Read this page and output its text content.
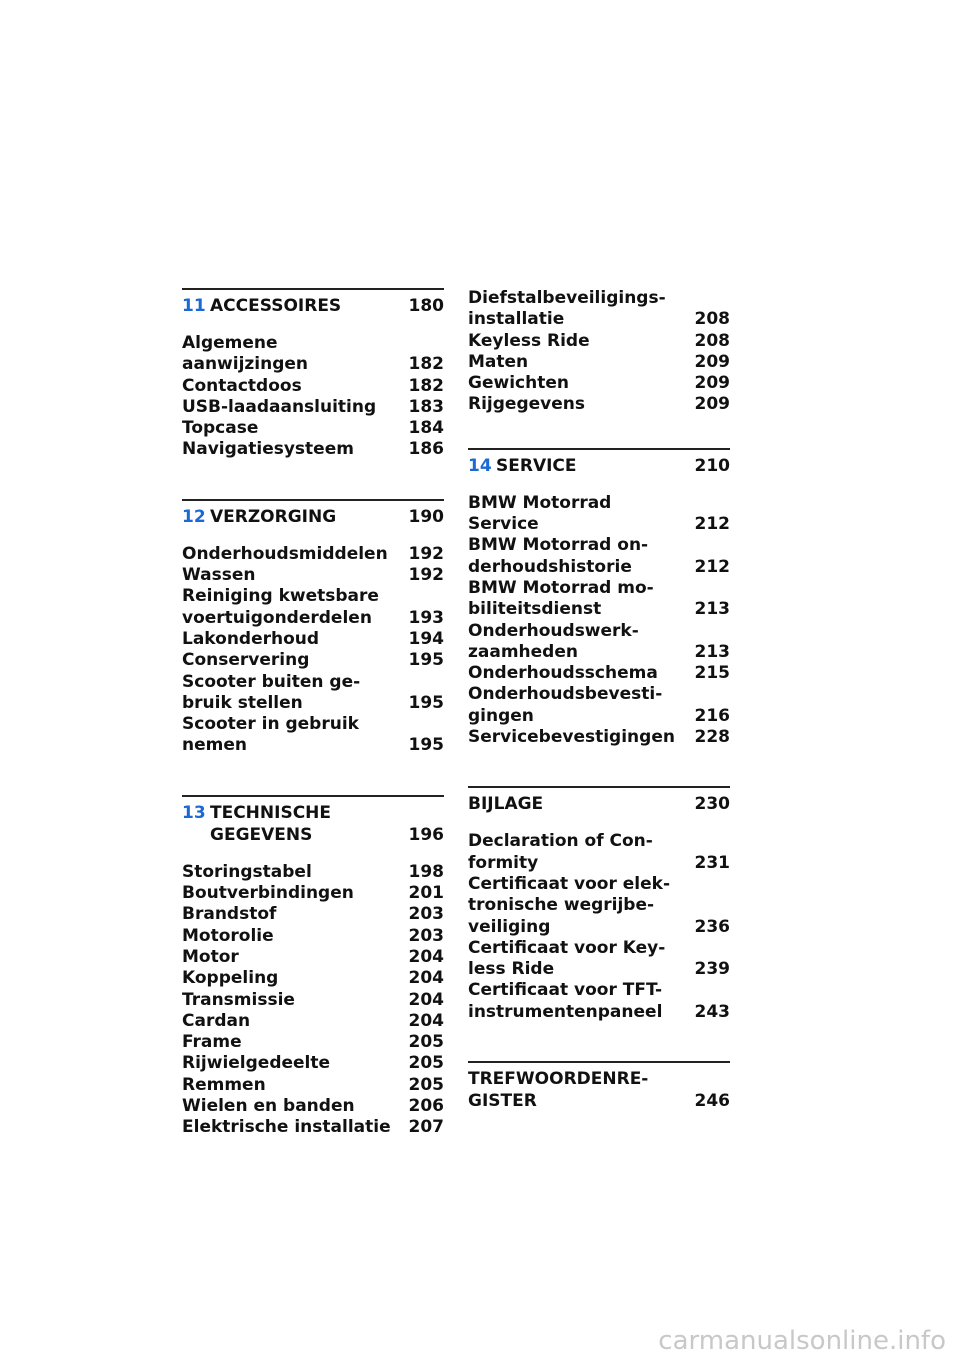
11 ACCESSOIRES	180
Algemene
aanwijzingen	182
Contactdoos	182
USB-laadaansluiting 183
Topcase	184
Navigatiesysteem	186
12 VERZORGING	190
Onderhoudsmiddelen 192
Wassen	192
Reiniging kwetsbare
voertuigonderdelen	193
Lakonderhoud	194
Conservering	195
Scooter buiten ge-
bruik stellen	195
Scooter in gebruik
nemen	195
13 TECHNISCHE
GEGEVENS	196
Storingstabel	198
Boutverbindingen	201
Brandstof	203
Motorolie	203
Motor	204
Koppeling	204
Transmissie	204
Cardan	204
Frame	205
Rijwielgedeelte	205
Remmen	205
Wielen en banden	206
Elektrische installatie 207
Diefstalbeveiligings-
installatie	208
Keyless Ride	208
Maten	209
Gewichten	209
Rijgegevens	209
14 SERVICE	210
BMW Motorrad
Service	212
BMW Motorrad on-
derhoudshistorie	212
BMW Motorrad mo-
biliteitsdienst	213
Onderhoudswerk-
zaamheden	213
Onderhoudsschema 215
Onderhoudsbevesti-
gingen	216
Servicebevestigingen 228
BIJLAGE	230
Declaration of Con-
formity	231
Certificaat voor elek-
tronische wegrijbe-
veiliging	236
Certificaat voor Key-
less Ride	239
Certificaat voor TFT-
instrumentenpaneel 243
TREFWOORDENRE-
GISTER	246
carmanualsonline.info
